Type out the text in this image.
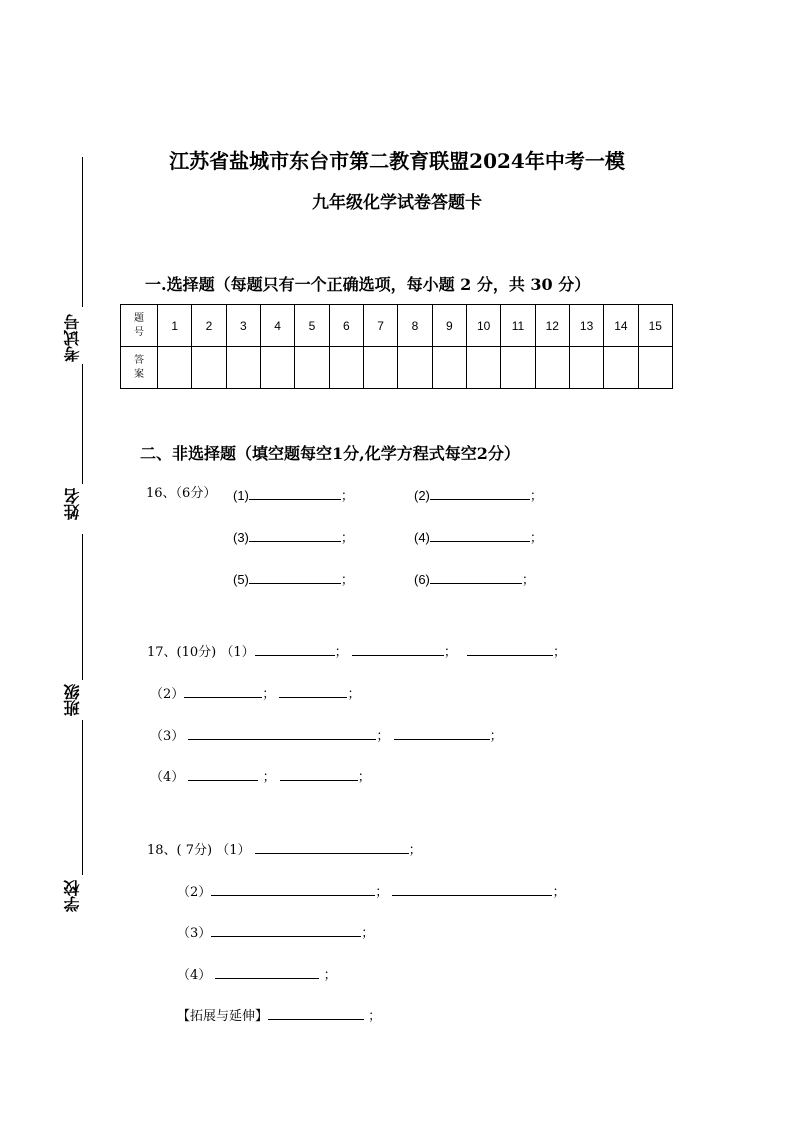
考试号
姓名
班级
学校
江苏省盐城市东台市第二教育联盟2024年中考一模
九年级化学试卷答题卡
一.选择题（每题只有一个正确选项，每小题 2 分，共 30 分）
题号	1	2	3	4	5	6	7	8	9	10	11	12	13	14	15
答案															
二、非选择题（填空题每空1分,化学方程式每空2分）
16、（6分） (1)	；	(2)	；
(3)	；	(4)	；
(5)	；	(6)	；
17、(10分) （1）	；	；	；
（2）	；	；
（3）	；	；
（4）	；	；
18、( 7分) （1）	；
（2）	；	；
（3）	；
（4）	；
【拓展与延伸】	；
